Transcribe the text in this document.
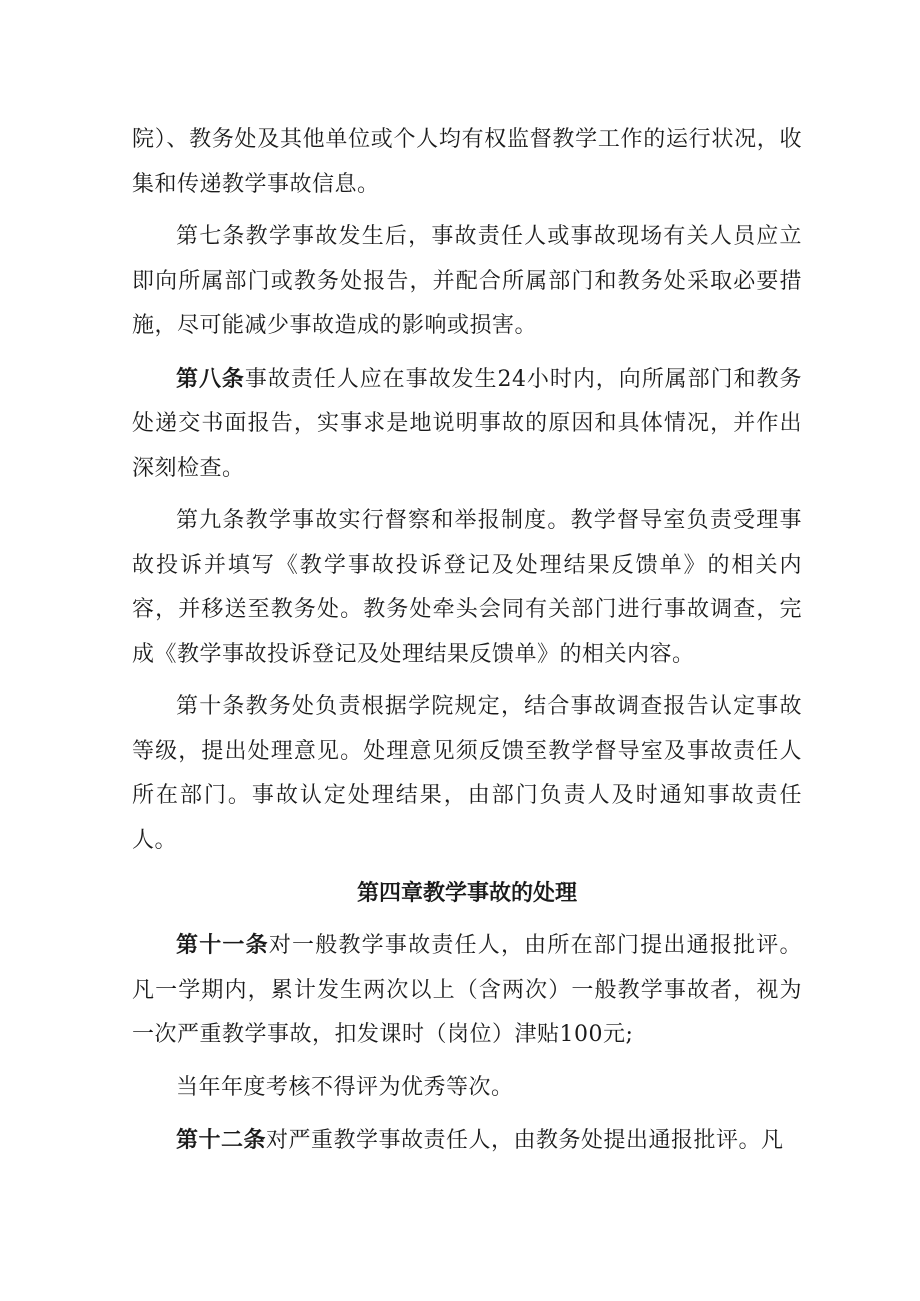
院）、教务处及其他单位或个人均有权监督教学工作的运行状况，收集和传递教学事故信息。

第七条教学事故发生后，事故责任人或事故现场有关人员应立即向所属部门或教务处报告，并配合所属部门和教务处采取必要措施，尽可能减少事故造成的影响或损害。

第八条事故责任人应在事故发生24小时内，向所属部门和教务处递交书面报告，实事求是地说明事故的原因和具体情况，并作出深刻检查。

第九条教学事故实行督察和举报制度。教学督导室负责受理事故投诉并填写《教学事故投诉登记及处理结果反馈单》的相关内容，并移送至教务处。教务处牵头会同有关部门进行事故调查，完成《教学事故投诉登记及处理结果反馈单》的相关内容。

第十条教务处负责根据学院规定，结合事故调查报告认定事故等级，提出处理意见。处理意见须反馈至教学督导室及事故责任人所在部门。事故认定处理结果，由部门负责人及时通知事故责任人。

第四章教学事故的处理

第十一条对一般教学事故责任人，由所在部门提出通报批评。凡一学期内，累计发生两次以上（含两次）一般教学事故者，视为一次严重教学事故，扣发课时（岗位）津贴100元;

当年年度考核不得评为优秀等次。

第十二条对严重教学事故责任人，由教务处提出通报批评。凡
